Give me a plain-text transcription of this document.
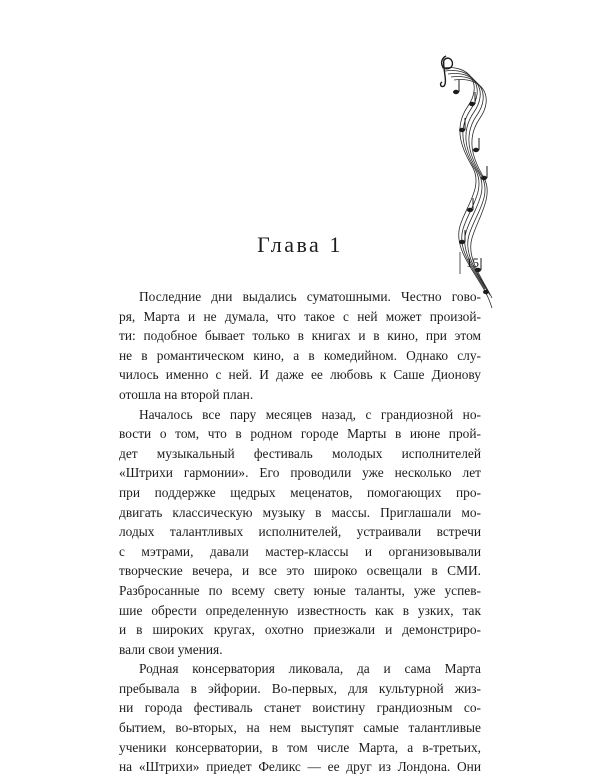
15
Глава 1

Последние дни выдались суматошными. Честно гово-
ря, Марта и не думала, что такое с ней может произой-
ти: подобное бывает только в книгах и в кино, при этом
не в романтическом кино, а в комедийном. Однако слу-
чилось именно с ней. И даже ее любовь к Саше Дионову
отошла на второй план.

Началось все пару месяцев назад, с грандиозной но-
вости о том, что в родном городе Марты в июне прой-
дет музыкальный фестиваль молодых исполнителей
«Штрихи гармонии». Его проводили уже несколько лет
при поддержке щедрых меценатов, помогающих про-
двигать классическую музыку в массы. Приглашали мо-
лодых талантливых исполнителей, устраивали встречи
с мэтрами, давали мастер-классы и организовывали
творческие вечера, и все это широко освещали в СМИ.
Разбросанные по всему свету юные таланты, уже успев-
шие обрести определенную известность как в узких, так
и в широких кругах, охотно приезжали и демонстриро-
вали свои умения.

Родная консерватория ликовала, да и сама Марта
пребывала в эйфории. Во-первых, для культурной жиз-
ни города фестиваль станет воистину грандиозным со-
бытием, во-вторых, на нем выступят самые талантливые
ученики консерватории, в том числе Марта, а в-третьих,
на «Штрихи» приедет Феликс — ее друг из Лондона. Они
